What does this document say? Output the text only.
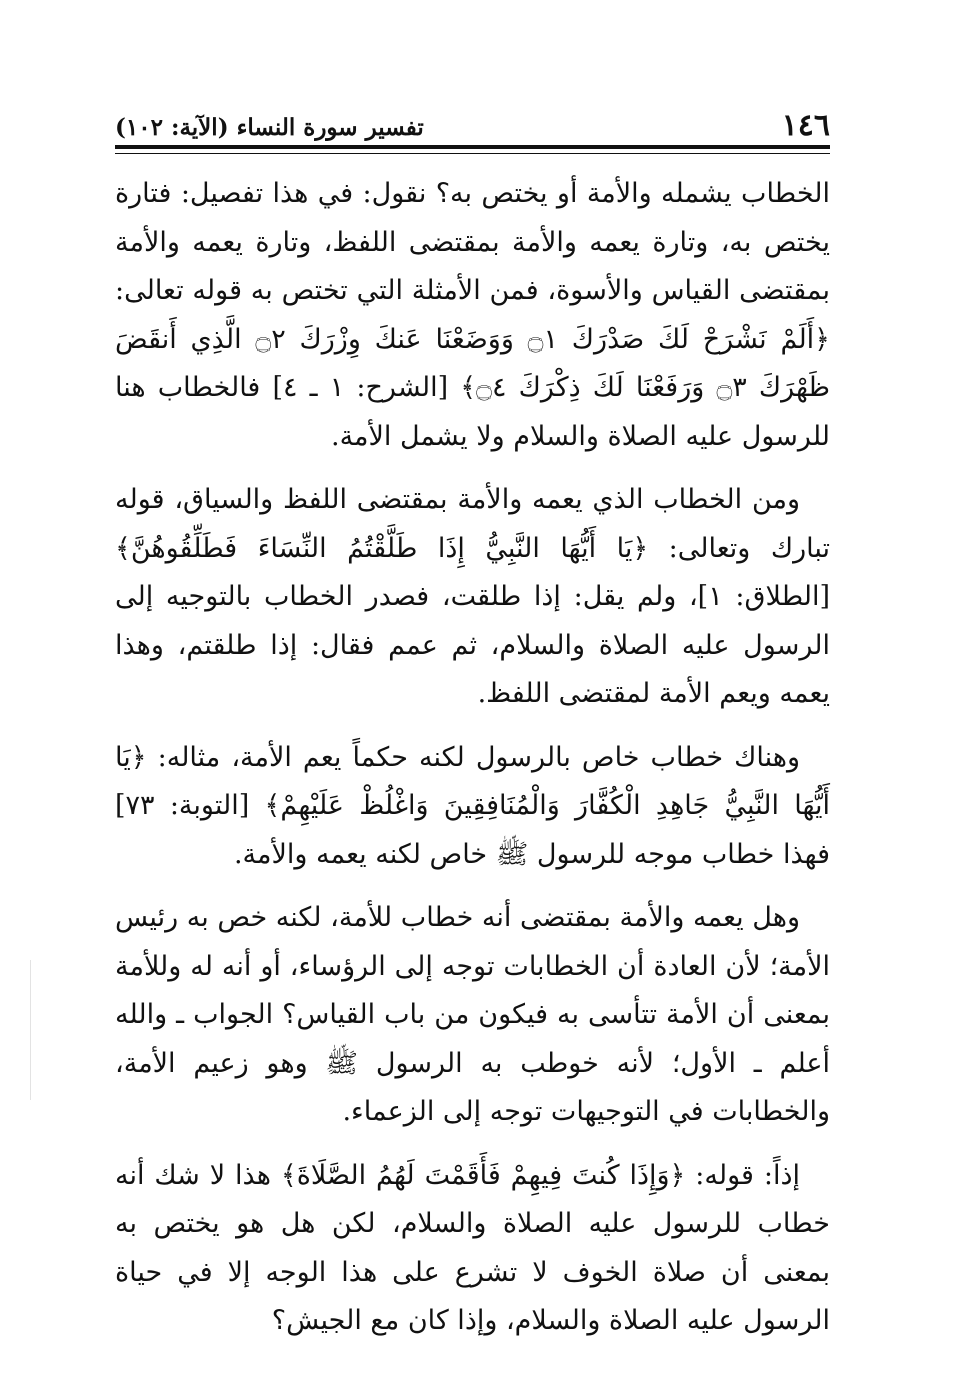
١٤٦
تفسير سورة النساء (الآية: ١٠٢)

الخطاب يشمله والأمة أو يختص به؟ نقول: في هذا تفصيل: فتارة يختص به، وتارة يعمه والأمة بمقتضى اللفظ، وتارة يعمه والأمة بمقتضى القياس والأسوة، فمن الأمثلة التي تختص به قوله تعالى: ﴿أَلَمْ نَشْرَحْ لَكَ صَدْرَكَ ۝١ وَوَضَعْنَا عَنكَ وِزْرَكَ ۝٢ الَّذِي أَنقَضَ ظَهْرَكَ ۝٣ وَرَفَعْنَا لَكَ ذِكْرَكَ ۝٤﴾ [الشرح: ١ ـ ٤] فالخطاب هنا للرسول عليه الصلاة والسلام ولا يشمل الأمة.

ومن الخطاب الذي يعمه والأمة بمقتضى اللفظ والسياق، قوله تبارك وتعالى: ﴿يَا أَيُّهَا النَّبِيُّ إِذَا طَلَّقْتُمُ النِّسَاءَ فَطَلِّقُوهُنَّ﴾ [الطلاق: ١]، ولم يقل: إذا طلقت، فصدر الخطاب بالتوجيه إلى الرسول عليه الصلاة والسلام، ثم عمم فقال: إذا طلقتم، وهذا يعمه ويعم الأمة لمقتضى اللفظ.

وهناك خطاب خاص بالرسول لكنه حكماً يعم الأمة، مثاله: ﴿يَا أَيُّهَا النَّبِيُّ جَاهِدِ الْكُفَّارَ وَالْمُنَافِقِينَ وَاغْلُظْ عَلَيْهِمْ﴾ [التوبة: ٧٣] فهذا خطاب موجه للرسول ﷺ خاص لكنه يعمه والأمة.

وهل يعمه والأمة بمقتضى أنه خطاب للأمة، لكنه خص به رئيس الأمة؛ لأن العادة أن الخطابات توجه إلى الرؤساء، أو أنه له وللأمة بمعنى أن الأمة تتأسى به فيكون من باب القياس؟ الجواب ـ والله أعلم ـ الأول؛ لأنه خوطب به الرسول ﷺ وهو زعيم الأمة، والخطابات في التوجيهات توجه إلى الزعماء.

إذاً: قوله: ﴿وَإِذَا كُنتَ فِيهِمْ فَأَقَمْتَ لَهُمُ الصَّلَاةَ﴾ هذا لا شك أنه خطاب للرسول عليه الصلاة والسلام، لكن هل هو يختص به بمعنى أن صلاة الخوف لا تشرع على هذا الوجه إلا في حياة الرسول عليه الصلاة والسلام، وإذا كان مع الجيش؟
